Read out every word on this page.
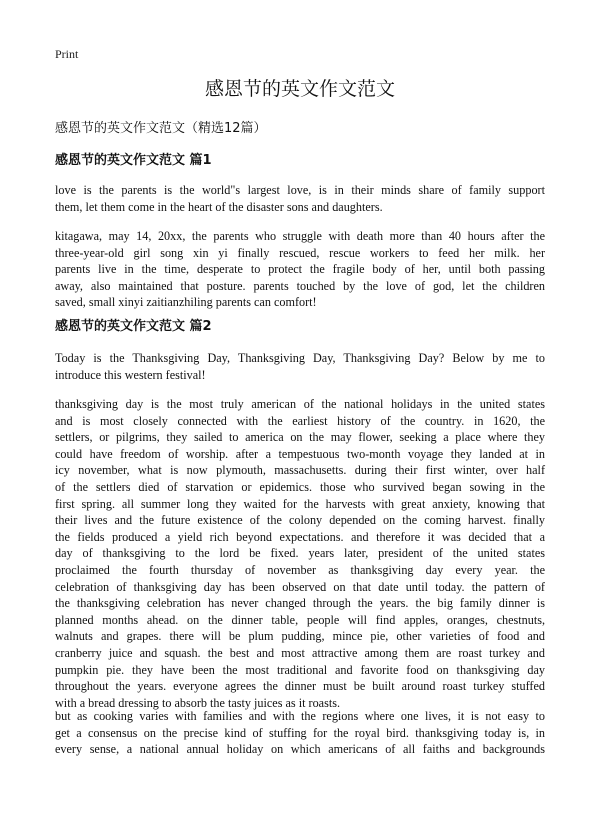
Print
感恩节的英文作文范文
感恩节的英文作文范文（精选12篇）
感恩节的英文作文范文 篇1

love is the parents is the world"s largest love, is in their minds share of family support
them, let them come in the heart of the disaster sons and daughters.

kitagawa, may 14, 20xx, the parents who struggle with death more than 40 hours after the
three-year-old girl song xin yi finally rescued, rescue workers to feed her milk. her
parents live in the time, desperate to protect the fragile body of her, until both passing
away, also maintained that posture. parents touched by the love of god, let the children
saved, small xinyi zaitianzhiling parents can comfort!

感恩节的英文作文范文 篇2

Today is the Thanksgiving Day, Thanksgiving Day, Thanksgiving Day? Below by me to
introduce this western festival!

thanksgiving day is the most truly american of the national holidays in the united states
and is most closely connected with the earliest history of the country. in 1620, the
settlers, or pilgrims, they sailed to america on the may flower, seeking a place where they
could have freedom of worship. after a tempestuous two-month voyage they landed at in
icy november, what is now plymouth, massachusetts. during their first winter, over half
of the settlers died of starvation or epidemics. those who survived began sowing in the
first spring. all summer long they waited for the harvests with great anxiety, knowing that
their lives and the future existence of the colony depended on the coming harvest. finally
the fields produced a yield rich beyond expectations. and therefore it was decided that a
day of thanksgiving to the lord be fixed. years later, president of the united states
proclaimed the fourth thursday of november as thanksgiving day every year. the
celebration of thanksgiving day has been observed on that date until today. the pattern of
the thanksgiving celebration has never changed through the years. the big family dinner is
planned months ahead. on the dinner table, people will find apples, oranges, chestnuts,
walnuts and grapes. there will be plum pudding, mince pie, other varieties of food and
cranberry juice and squash. the best and most attractive among them are roast turkey and
pumpkin pie. they have been the most traditional and favorite food on thanksgiving day
throughout the years. everyone agrees the dinner must be built around roast turkey stuffed
with a bread dressing to absorb the tasty juices as it roasts.

but as cooking varies with families and with the regions where one lives, it is not easy to
get a consensus on the precise kind of stuffing for the royal bird. thanksgiving today is, in
every sense, a national annual holiday on which americans of all faiths and backgrounds
